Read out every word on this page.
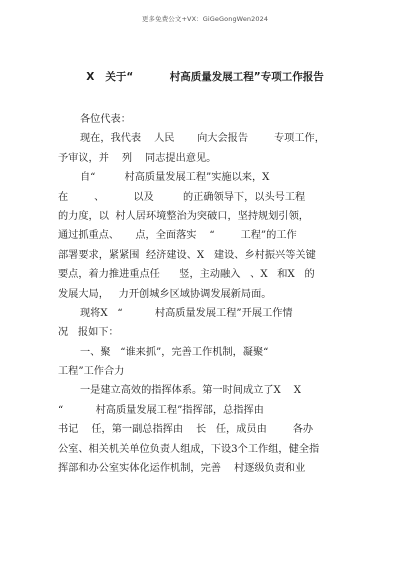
更多免费公文+VX：GiGeGongWen2024
X   关于“          村高质量发展工程”专项工作报告
各位代表：
现在，我代表    人民       向大会报告        专项工作，
予审议，并    列    同志提出意见。
自“         村高质量发展工程”实施以来，X
在        、         以及         的正确领导下，以头号工程
的力度，以  村人居环境整治为突破口，坚持规划引领，
通过抓重点、     点，全面落实    “        工程”的工作
部署要求，紧紧围  经济建设、X   建设、乡村振兴等关键
要点，着力推进重点任      竖，主动融入   、X   和X   的
发展大局，   力开创城乡区域协调发展新局面。
现将X   “          村高质量发展工程”开展工作情
况   报如下：
一、聚   “谁来抓”，完善工作机制，凝聚“
工程”工作合力
一是建立高效的指挥体系。第一时间成立了X    X
“          村高质量发展工程”指挥部，总指挥由
书记    任，第一副总指挥由    长   任，成员由        各办
公室、相关机关单位负责人组成，下设3个工作组，健全指
挥部和办公室实体化运作机制，完善    村逐级负责和业
